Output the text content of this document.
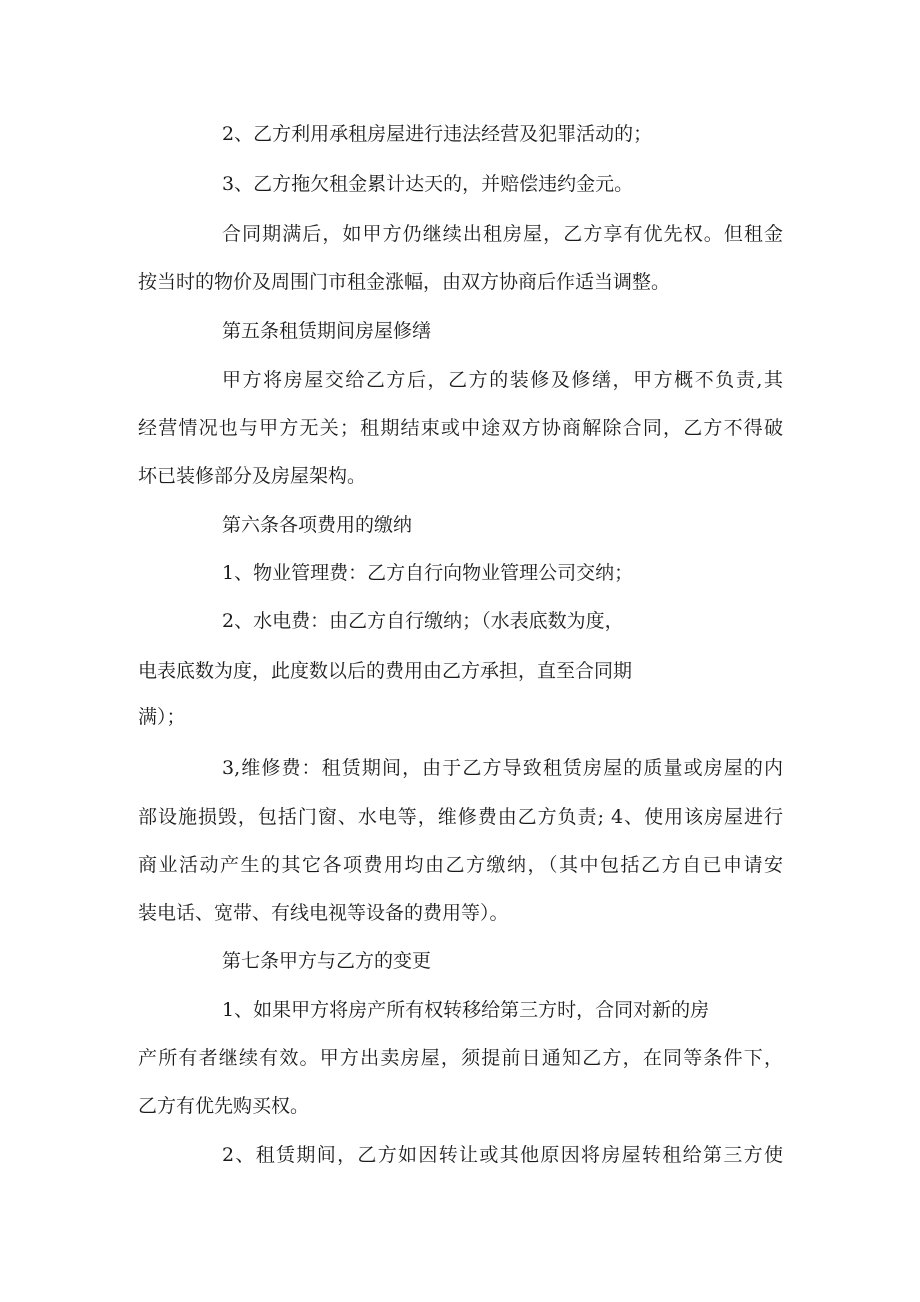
2、乙方利用承租房屋进行违法经营及犯罪活动的；

3、乙方拖欠租金累计达天的，并赔偿违约金元。

合同期满后，如甲方仍继续出租房屋，乙方享有优先权。但租金

按当时的物价及周围门市租金涨幅，由双方协商后作适当调整。

第五条租赁期间房屋修缮

甲方将房屋交给乙方后，乙方的装修及修缮，甲方概不负责,其

经营情况也与甲方无关；租期结束或中途双方协商解除合同，乙方不得破

坏已装修部分及房屋架构。

第六条各项费用的缴纳

1、物业管理费：乙方自行向物业管理公司交纳；

2、水电费：由乙方自行缴纳；（水表底数为度，

电表底数为度，此度数以后的费用由乙方承担，直至合同期

满）；

3,维修费：租赁期间，由于乙方导致租赁房屋的质量或房屋的内

部设施损毁，包括门窗、水电等，维修费由乙方负责; 4、使用该房屋进行

商业活动产生的其它各项费用均由乙方缴纳，（其中包括乙方自已申请安

装电话、宽带、有线电视等设备的费用等）。

第七条甲方与乙方的变更

1、如果甲方将房产所有权转移给第三方时，合同对新的房

产所有者继续有效。甲方出卖房屋，须提前日通知乙方，在同等条件下，

乙方有优先购买权。

2、租赁期间，乙方如因转让或其他原因将房屋转租给第三方使
